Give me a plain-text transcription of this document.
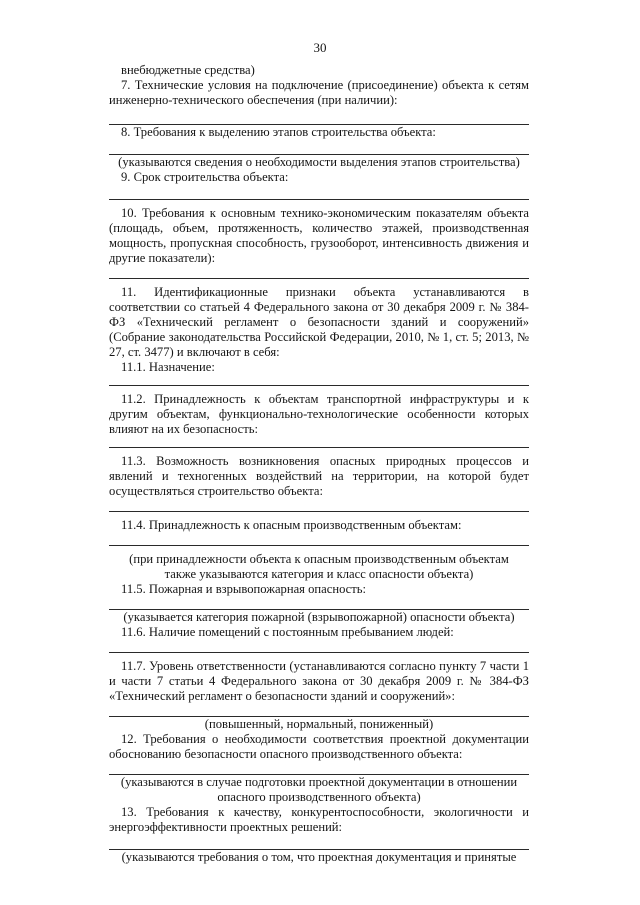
30

внебюджетные средства)

7. Технические условия на подключение (присоединение) объекта к сетям инженерно-технического обеспечения (при наличии):

8. Требования к выделению этапов строительства объекта:

(указываются сведения о необходимости выделения этапов строительства)

9. Срок строительства объекта:

10. Требования к основным технико-экономическим показателям объекта (площадь, объем, протяженность, количество этажей, производственная мощность, пропускная способность, грузооборот, интенсивность движения и другие показатели):

11. Идентификационные признаки объекта устанавливаются в соответствии со статьей 4 Федерального закона от 30 декабря 2009 г. № 384-ФЗ «Технический регламент о безопасности зданий и сооружений» (Собрание законодательства Российской Федерации, 2010, № 1, ст. 5; 2013, № 27, ст. 3477) и включают в себя:

11.1. Назначение:

11.2. Принадлежность к объектам транспортной инфраструктуры и к другим объектам, функционально-технологические особенности которых влияют на их безопасность:

11.3. Возможность возникновения опасных природных процессов и явлений и техногенных воздействий на территории, на которой будет осуществляться строительство объекта:

11.4. Принадлежность к опасным производственным объектам:

(при принадлежности объекта к опасным производственным объектам

также указываются категория и класс опасности объекта)

11.5. Пожарная и взрывопожарная опасность:

(указывается категория пожарной (взрывопожарной) опасности объекта)

11.6. Наличие помещений с постоянным пребыванием людей:

11.7. Уровень ответственности (устанавливаются согласно пункту 7 части 1 и части 7 статьи 4 Федерального закона от 30 декабря 2009 г. № 384-ФЗ «Технический регламент о безопасности зданий и сооружений»:

(повышенный, нормальный, пониженный)

12. Требования о необходимости соответствия проектной документации обоснованию безопасности опасного производственного объекта:

(указываются в случае подготовки проектной документации в отношении

опасного производственного объекта)

13. Требования к качеству, конкурентоспособности, экологичности и энергоэффективности проектных решений:

(указываются требования о том, что проектная документация и принятые
